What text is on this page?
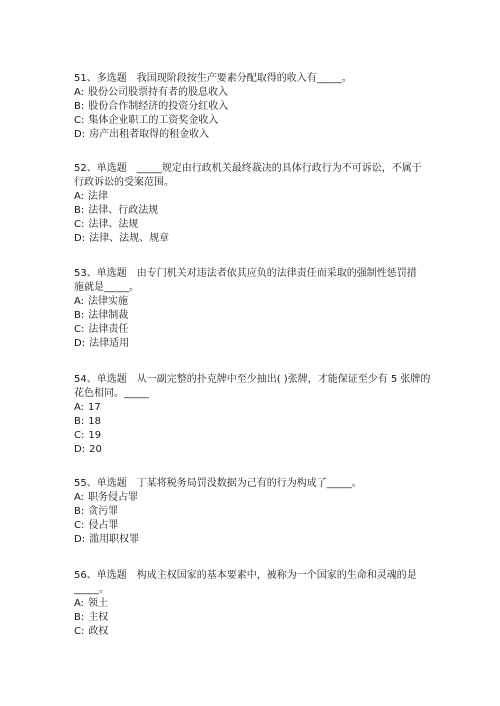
51、多选题　我国现阶段按生产要素分配取得的收入有_____。

A: 股份公司股票持有者的股息收入

B: 股份合作制经济的投资分红收入

C: 集体企业职工的工资奖金收入

D: 房产出租者取得的租金收入

52、单选题　_____规定由行政机关最终裁决的具体行政行为不可诉讼，不属于
行政诉讼的受案范围。

A: 法律

B: 法律、行政法规

C: 法律、法规

D: 法律、法规、规章

53、单选题　由专门机关对违法者依其应负的法律责任而采取的强制性惩罚措
施就是_____。

A: 法律实施

B: 法律制裁

C: 法律责任

D: 法律适用

54、单选题　从一副完整的扑克牌中至少抽出( )张牌，才能保证至少有 5 张牌的
花色相同。_____

A: 17

B: 18

C: 19

D: 20

55、单选题　丁某将税务局罚没数据为己有的行为构成了_____。

A: 职务侵占罪

B: 贪污罪

C: 侵占罪

D: 滥用职权罪

56、单选题　构成主权国家的基本要素中，被称为一个国家的生命和灵魂的是
_____。

A: 领土

B: 主权

C: 政权
